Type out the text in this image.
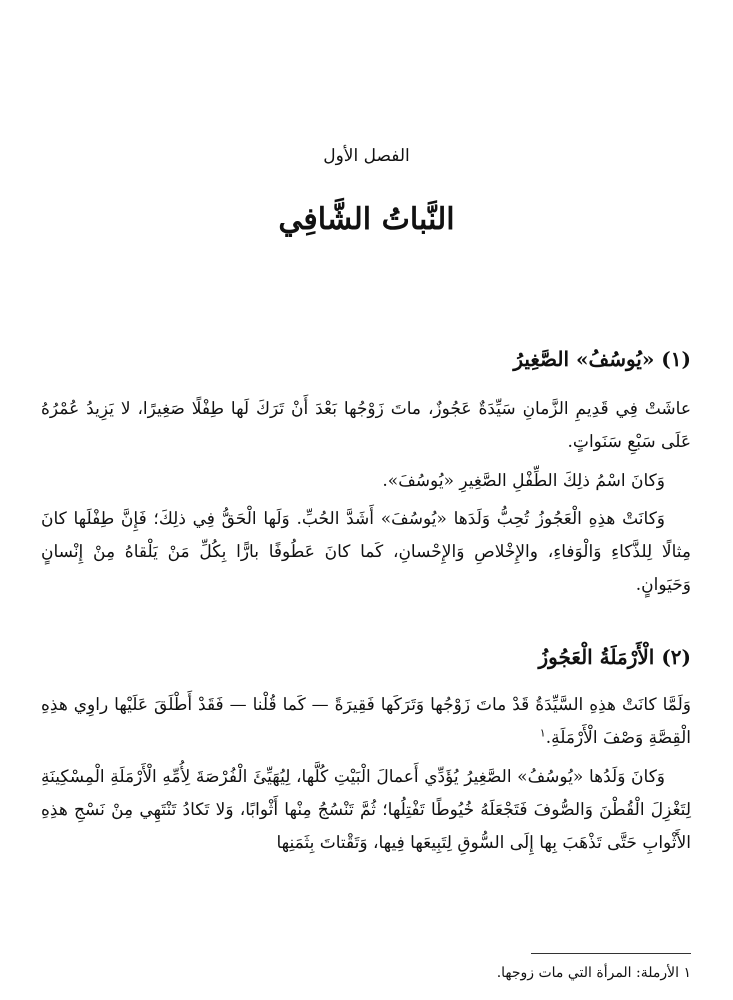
الفصل الأول
النَّباتُ الشَّافِي
(١) «يُوسُفُ» الصَّغِيرُ

عاشَتْ فِي قَدِيمِ الزَّمانِ سَيِّدَةٌ عَجُوزٌ، ماتَ زَوْجُها بَعْدَ أَنْ تَرَكَ لَها طِفْلًا صَغِيرًا، لا يَزِيدُ عُمْرُهُ عَلَى سَبْعِ سَنَواتٍ.

وَكانَ اسْمُ ذلِكَ الطِّفْلِ الصَّغِيرِ «يُوسُفَ».

وَكانَتْ هذِهِ الْعَجُوزُ تُحِبُّ وَلَدَها «يُوسُفَ» أَشَدَّ الحُبِّ. وَلَها الْحَقُّ فِي ذلِكَ؛ فَإِنَّ طِفْلَها كانَ مِثالًا لِلذَّكاءِ وَالْوَفاءِ، والإِخْلاصِ وَالإِحْسانِ، كَما كانَ عَطُوفًا بارًّا بِكُلِّ مَنْ يَلْقاهُ مِنْ إِنْسانٍ وَحَيَوانٍ.

(٢) الْأَرْمَلَةُ الْعَجُوزُ

وَلَمَّا كانَتْ هذِهِ السَّيِّدَةُ قَدْ ماتَ زَوْجُها وَتَرَكَها فَقِيرَةً — كَما قُلْنا — فَقَدْ أَطْلَقَ عَلَيْها راوِي هذِهِ الْقِصَّةِ وَصْفَ الْأَرْمَلَةِ.$^١$

وَكانَ وَلَدُها «يُوسُفُ» الصَّغِيرُ يُؤَدِّي أَعمالَ الْبَيْتِ كُلَّها، لِيُهَيِّئَ الْفُرْصَةَ لِأُمِّهِ الْأَرْمَلَةِ الْمِسْكِينَةِ لِتَغْزِلَ الْقُطْنَ وَالصُّوفَ فَتَجْعَلَهُ خُيُوطًا تَفْتِلُها؛ ثُمَّ تَنْسُجُ مِنْها أَثْوابًا، وَلا تَكادُ تَنْتَهِي مِنْ نَسْجِ هذِهِ الأَثْوابِ حَتَّى تَذْهَبَ بِها إِلَى السُّوقِ لِتَبِيعَها فِيها، وَتَقْتاتَ بِثَمَنِها

١ الأرملة: المرأة التي مات زوجها.
